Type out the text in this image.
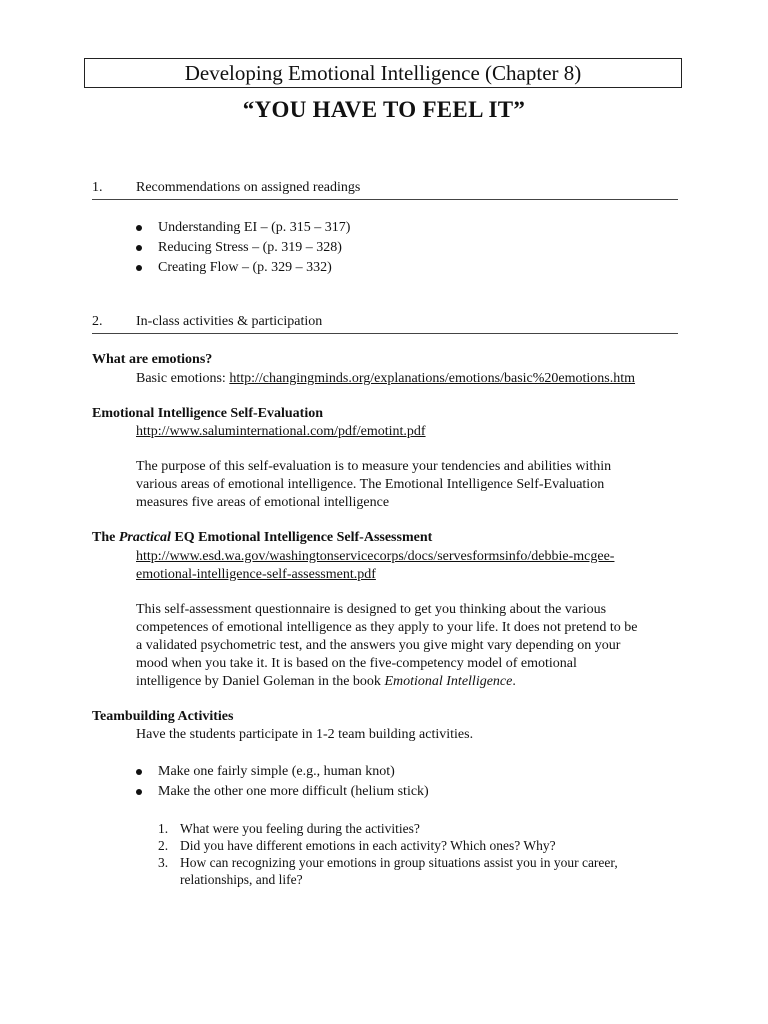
Developing Emotional Intelligence (Chapter 8)
“YOU HAVE TO FEEL IT”
1. Recommendations on assigned readings
Understanding EI – (p. 315 – 317)
Reducing Stress – (p. 319 – 328)
Creating Flow – (p. 329 – 332)
2. In-class activities & participation
What are emotions?
Basic emotions: http://changingminds.org/explanations/emotions/basic%20emotions.htm
Emotional Intelligence Self-Evaluation
http://www.saluminternational.com/pdf/emotint.pdf
The purpose of this self-evaluation is to measure your tendencies and abilities within
various areas of emotional intelligence. The Emotional Intelligence Self-Evaluation
measures five areas of emotional intelligence
The Practical EQ Emotional Intelligence Self-Assessment
http://www.esd.wa.gov/washingtonservicecorps/docs/servesformsinfo/debbie-mcgee-
emotional-intelligence-self-assessment.pdf
This self-assessment questionnaire is designed to get you thinking about the various
competences of emotional intelligence as they apply to your life. It does not pretend to be
a validated psychometric test, and the answers you give might vary depending on your
mood when you take it. It is based on the five-competency model of emotional
intelligence by Daniel Goleman in the book Emotional Intelligence.
Teambuilding Activities
Have the students participate in 1-2 team building activities.
Make one fairly simple (e.g., human knot)
Make the other one more difficult (helium stick)
1. What were you feeling during the activities?
2. Did you have different emotions in each activity? Which ones? Why?
3. How can recognizing your emotions in group situations assist you in your career, relationships, and life?
